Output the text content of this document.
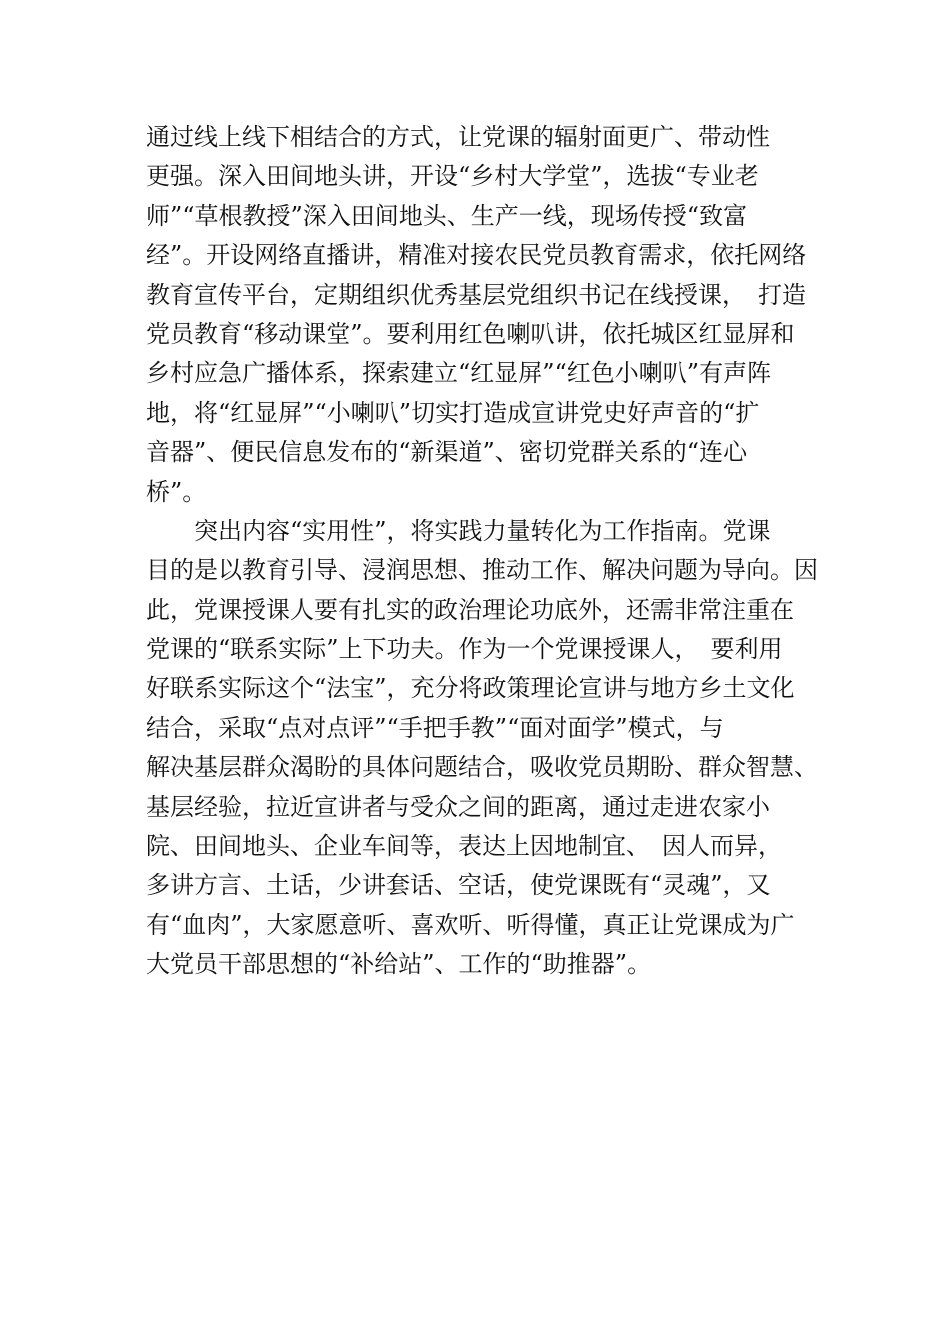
通过线上线下相结合的方式，让党课的辐射面更广、带动性
更强。深入田间地头讲，开设“乡村大学堂”，选拔“专业老
师”“草根教授”深入田间地头、生产一线，现场传授“致富
经”。开设网络直播讲，精准对接农民党员教育需求，依托网络
教育宣传平台，定期组织优秀基层党组织书记在线授课，　打造
党员教育“移动课堂”。要利用红色喇叭讲，依托城区红显屏和
乡村应急广播体系，探索建立“红显屏”“红色小喇叭”有声阵
地，将“红显屏”“小喇叭”切实打造成宣讲党史好声音的“扩
音器”、便民信息发布的“新渠道”、密切党群关系的“连心
桥”。
　　突出内容“实用性”，将实践力量转化为工作指南。党课
目的是以教育引导、浸润思想、推动工作、解决问题为导向。因
此，党课授课人要有扎实的政治理论功底外，还需非常注重在
党课的“联系实际”上下功夫。作为一个党课授课人，　要利用
好联系实际这个“法宝”，充分将政策理论宣讲与地方乡土文化
结合，采取“点对点评”“手把手教”“面对面学”模式，与
解决基层群众渴盼的具体问题结合，吸收党员期盼、群众智慧、
基层经验，拉近宣讲者与受众之间的距离，通过走进农家小
院、田间地头、企业车间等，表达上因地制宜、　因人而异，
多讲方言、土话，少讲套话、空话，使党课既有“灵魂”，又
有“血肉”，大家愿意听、喜欢听、听得懂，真正让党课成为广
大党员干部思想的“补给站”、工作的“助推器”。
